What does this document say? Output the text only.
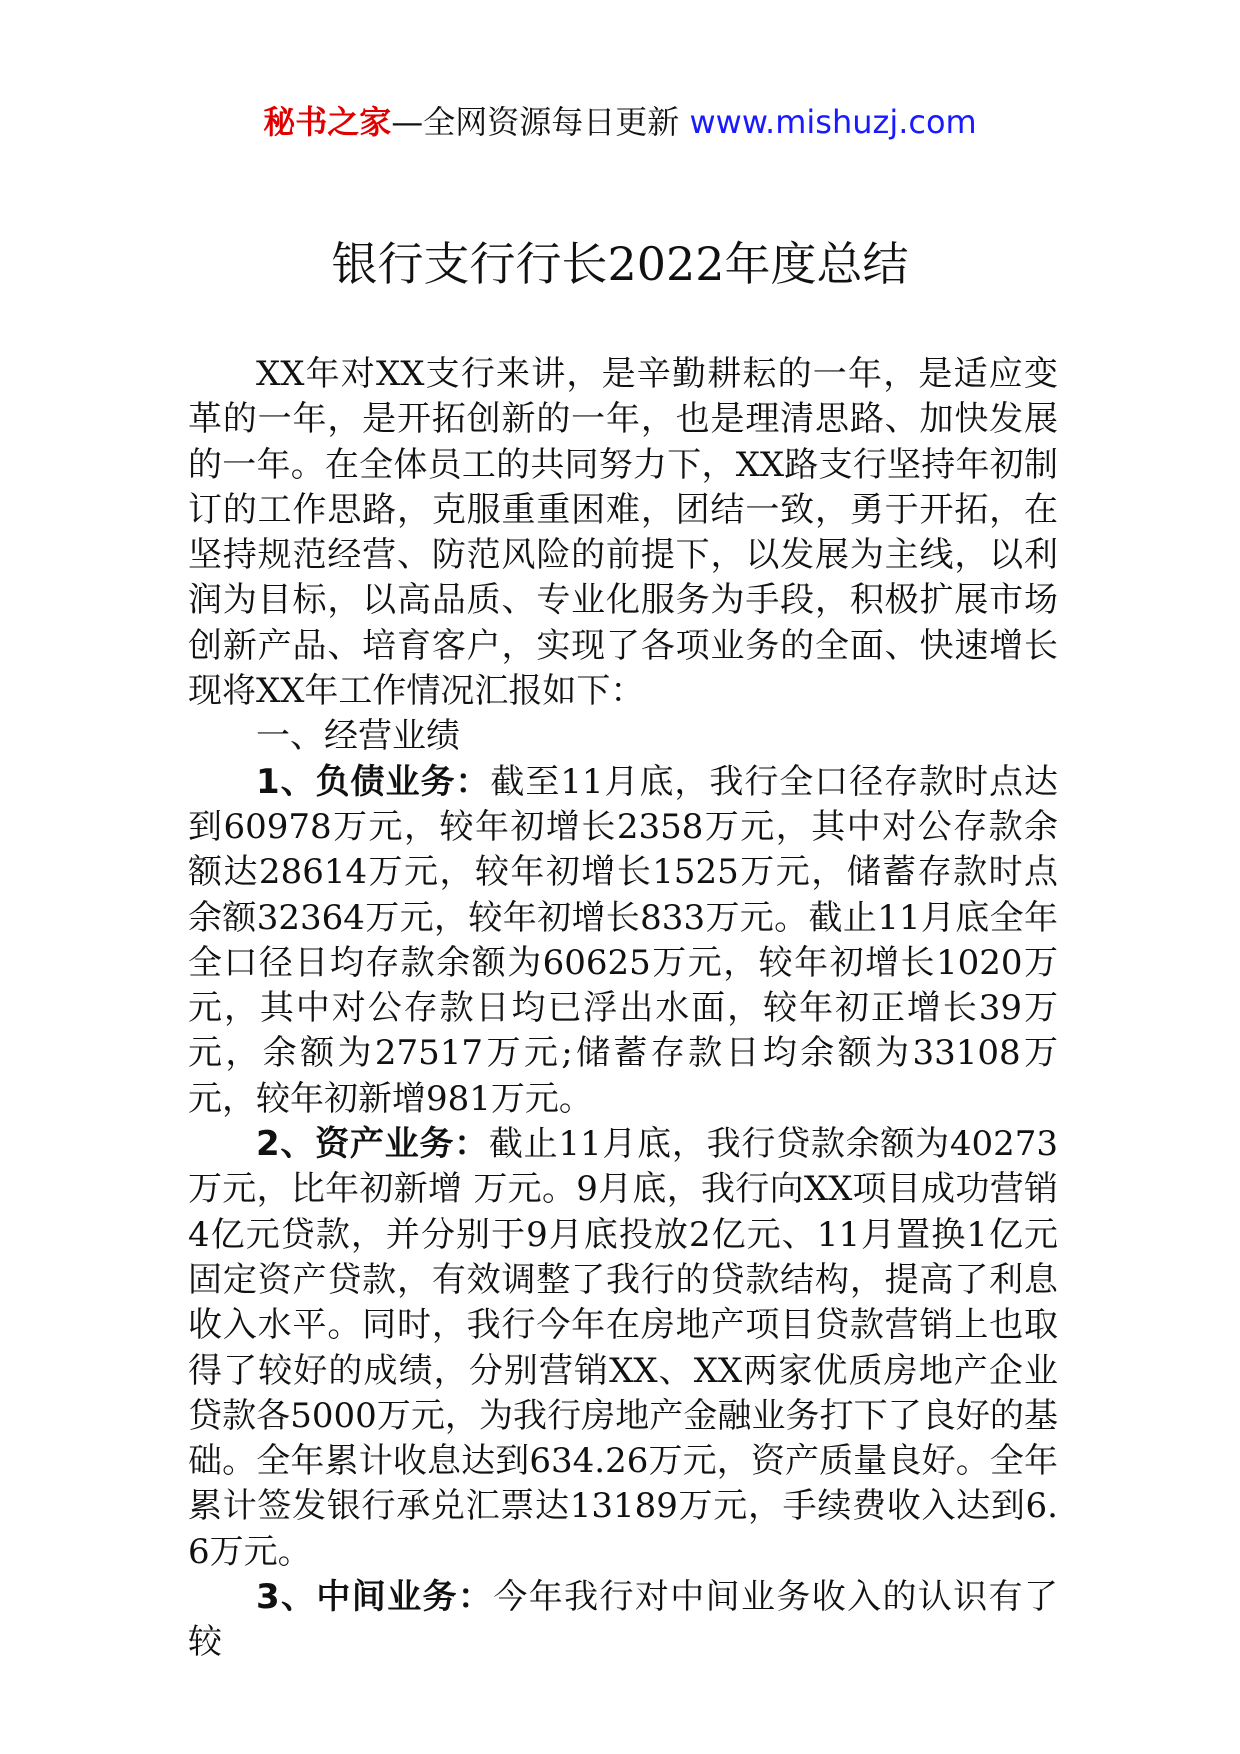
秘书之家—全网资源每日更新 www.mishuzj.com
银行支行行长2022年度总结

XX年对XX支行来讲，是辛勤耕耘的一年，是适应变革的一年，是开拓创新的一年，也是理清思路、加快发展的一年。在全体员工的共同努力下，XX路支行坚持年初制订的工作思路，克服重重困难，团结一致，勇于开拓，在坚持规范经营、防范风险的前提下，以发展为主线，以利润为目标，以高品质、专业化服务为手段，积极扩展市场创新产品、培育客户，实现了各项业务的全面、快速增长现将XX年工作情况汇报如下：

一、经营业绩

1、负债业务：截至11月底，我行全口径存款时点达到60978万元，较年初增长2358万元，其中对公存款余额达28614万元，较年初增长1525万元，储蓄存款时点余额32364万元，较年初增长833万元。截止11月底全年全口径日均存款余额为60625万元，较年初增长1020万元，其中对公存款日均已浮出水面，较年初正增长39万元，余额为27517万元;储蓄存款日均余额为33108万元，较年初新增981万元。

2、资产业务：截止11月底，我行贷款余额为40273万元，比年初新增 万元。9月底，我行向XX项目成功营销4亿元贷款，并分别于9月底投放2亿元、11月置换1亿元固定资产贷款，有效调整了我行的贷款结构，提高了利息收入水平。同时，我行今年在房地产项目贷款营销上也取得了较好的成绩，分别营销XX、XX两家优质房地产企业贷款各5000万元，为我行房地产金融业务打下了良好的基础。全年累计收息达到634.26万元，资产质量良好。全年累计签发银行承兑汇票达13189万元，手续费收入达到6.6万元。

3、中间业务：今年我行对中间业务收入的认识有了较
